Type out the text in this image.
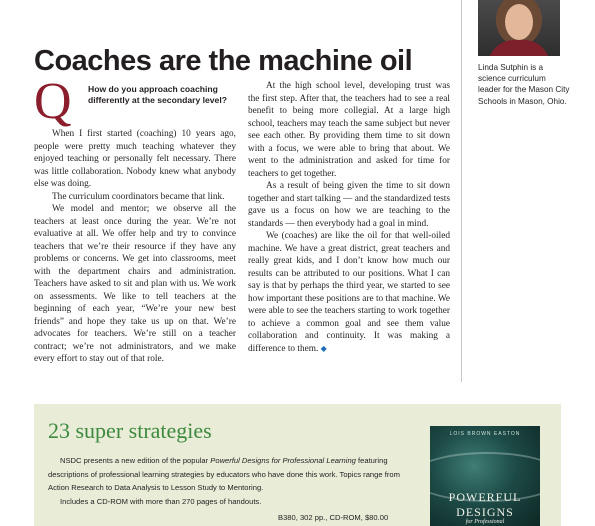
Coaches are the machine oil
Q How do you approach coaching differently at the secondary level?

When I first started (coaching) 10 years ago, people were pretty much teaching whatever they enjoyed teaching or personally felt necessary. There was little collaboration. Nobody knew what anybody else was doing.

The curriculum coordinators became that link.

We model and mentor; we observe all the teachers at least once during the year. We’re not evaluative at all. We offer help and try to convince teachers that we’re their resource if they have any problems or concerns. We get into classrooms, meet with the department chairs and administration. Teachers have asked to sit and plan with us. We work on assessments. We like to tell teachers at the beginning of each year, “We’re your new best friends” and hope they take us up on that. We’re advocates for teachers. We’re still on a teacher contract; we’re not administrators, and we make every effort to stay out of that role.

At the high school level, developing trust was the first step. After that, the teachers had to see a real benefit to being more collegial. At a large high school, teachers may teach the same subject but never see each other. By providing them time to sit down with a focus, we were able to bring that about. We went to the administration and asked for time for teachers to get together.

As a result of being given the time to sit down together and start talking — and the standardized tests gave us a focus on how we are teaching to the standards — then everybody had a goal in mind.

We (coaches) are like the oil for that well-oiled machine. We have a great district, great teachers and really great kids, and I don’t know how much our results can be attributed to our positions. What I can say is that by perhaps the third year, we started to see how important these positions are to that machine. We were able to see the teachers starting to work together to achieve a common goal and see them value collaboration and continuity. It was making a difference to them. ◆

Linda Sutphin is a science curriculum leader for the Mason City Schools in Mason, Ohio.
23 super strategies

NSDC presents a new edition of the popular Powerful Designs for Professional Learning featuring descriptions of professional learning strategies by educators who have done this work. Topics range from Action Research to Data Analysis to Lesson Study to Mentoring.

Includes a CD-ROM with more than 270 pages of handouts.

B380, 302 pp., CD-ROM, $80.00
LOIS BROWN EASTON
POWERFUL
DESIGNS
for Professional
